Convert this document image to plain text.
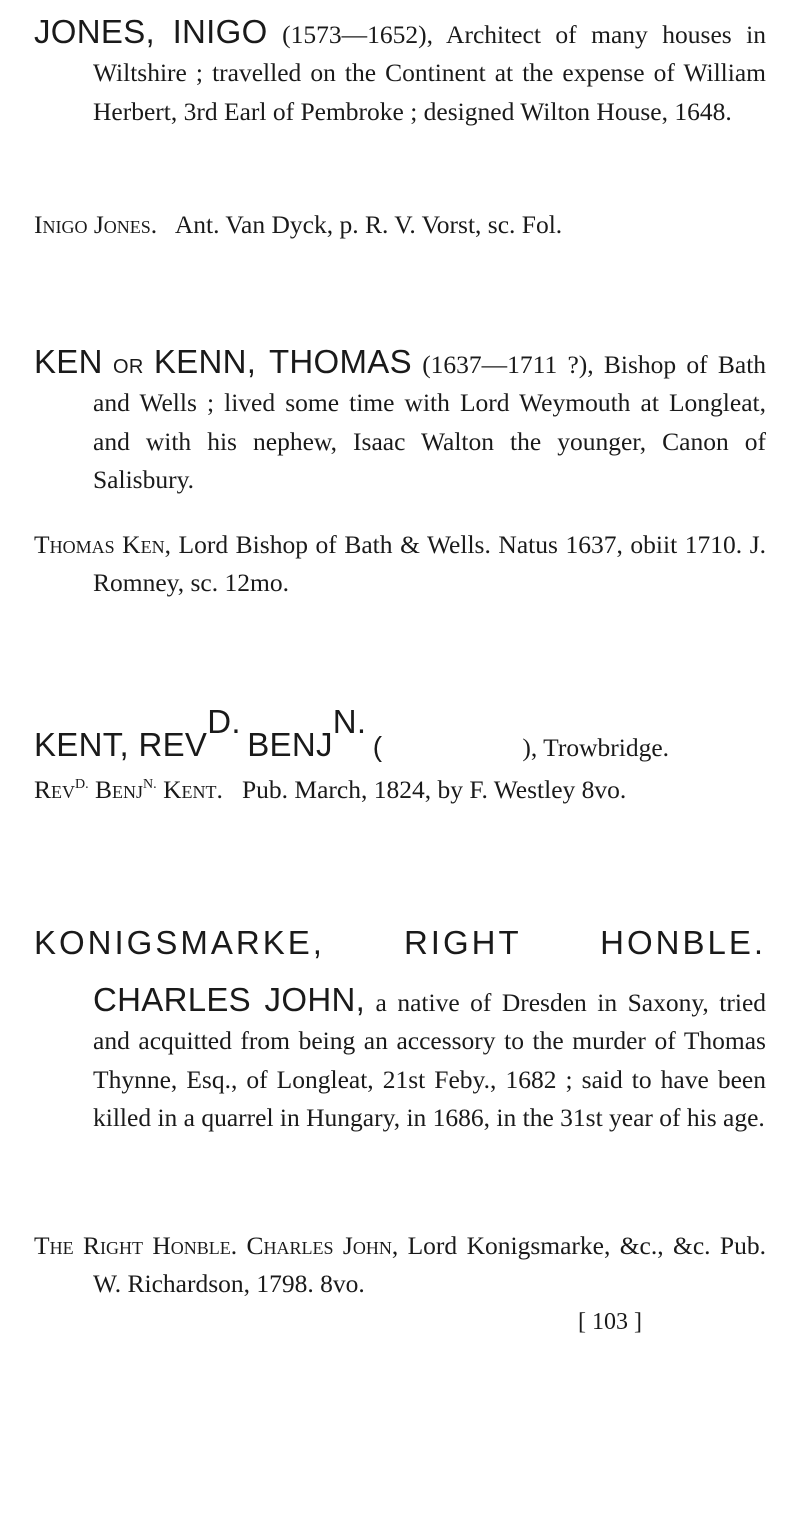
JONES, INIGO (1573—1652), Architect of many houses in Wiltshire ; travelled on the Continent at the expense of William Herbert, 3rd Earl of Pembroke ; designed Wilton House, 1648.

Inigo Jones. Ant. Van Dyck, p. R. V. Vorst, sc. Fol.

KEN or KENN, THOMAS (1637—1711 ?), Bishop of Bath and Wells ; lived some time with Lord Weymouth at Longleat, and with his nephew, Isaac Walton the younger, Canon of Salisbury.

Thomas Ken, Lord Bishop of Bath & Wells. Natus 1637, obiit 1710. J. Romney, sc. 12mo.

KENT, $REV^{D.}$ $BENJ^{N.}$ (	), Trowbridge.

Rev$^{D.}$ Benj$^{N.}$ Kent. Pub. March, 1824, by F. Westley 8vo.

KONIGSMARKE, RIGHT HONBLE.

CHARLES JOHN, a native of Dresden in Saxony, tried and acquitted from being an accessory to the murder of Thomas Thynne, Esq., of Longleat, 21st Feby., 1682 ; said to have been killed in a quarrel in Hungary, in 1686, in the 31st year of his age.

The Right Honble. Charles John, Lord Konigsmarke, &c., &c. Pub. W. Richardson, 1798. 8vo.

[ 103 ]
